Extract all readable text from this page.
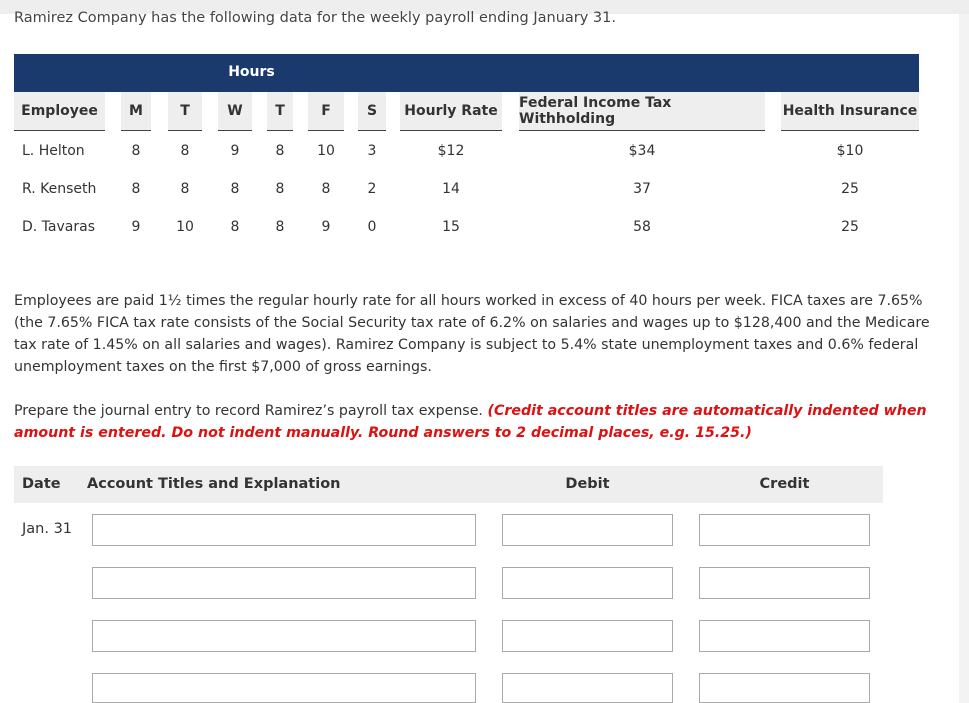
Ramirez Company has the following data for the weekly payroll ending January 31.
Hours
Employee	M	T	W	T	F	S	Hourly Rate	Federal Income Tax Withholding	Health Insurance
L. Helton	8	8	9	8	10	3	$12	$34	$10
R. Kenseth	8	8	8	8	8	2	14	37	25
D. Tavaras	9	10	8	8	9	0	15	58	25
Employees are paid 1½ times the regular hourly rate for all hours worked in excess of 40 hours per week. FICA taxes are 7.65% (the 7.65% FICA tax rate consists of the Social Security tax rate of 6.2% on salaries and wages up to $128,400 and the Medicare tax rate of 1.45% on all salaries and wages). Ramirez Company is subject to 5.4% state unemployment taxes and 0.6% federal unemployment taxes on the first $7,000 of gross earnings.
Prepare the journal entry to record Ramirez’s payroll tax expense. (Credit account titles are automatically indented when amount is entered. Do not indent manually. Round answers to 2 decimal places, e.g. 15.25.)
Date Account Titles and Explanation	Debit	Credit
Jan. 31
